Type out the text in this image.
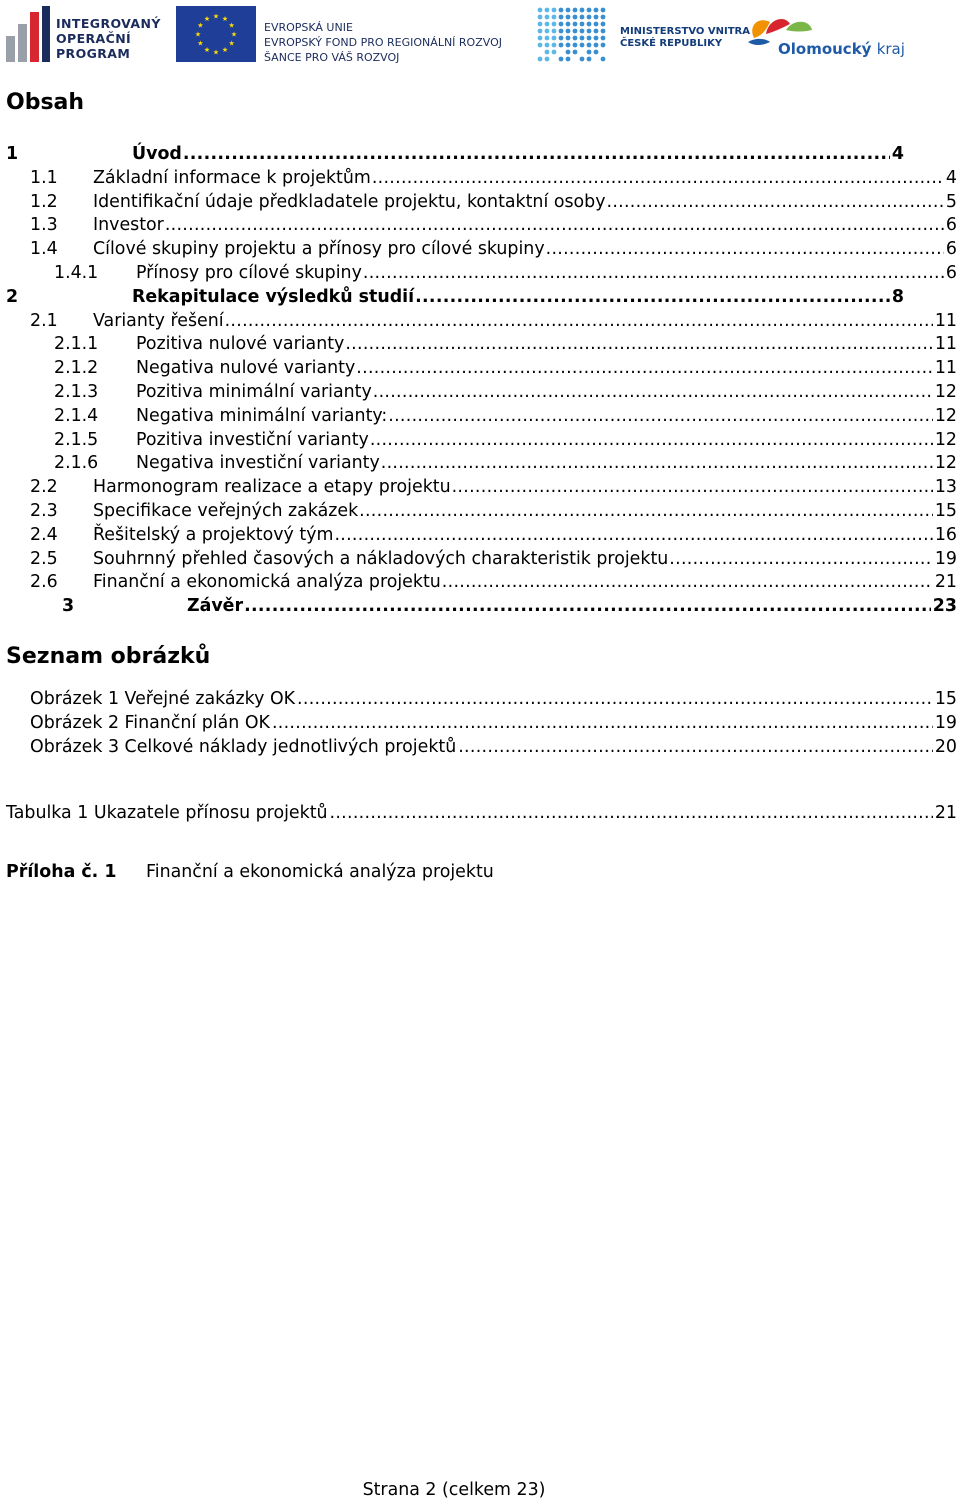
INTEGROVANÝ
OPERAČNÍ
PROGRAM
★ ★
★
★
★
★
★
★
★
★
★
★
EVROPSKÁ UNIE
EVROPSKÝ FOND PRO REGIONÁLNÍ ROZVOJ
ŠANCE PRO VÁŠ ROZVOJ
MINISTERSTVO VNITRA
ČESKÉ REPUBLIKY	Olomoucký kraj
Obsah
1	Úvod .....	4
1.1 Základní informace k projektům .....	4
1.2 Identifikační údaje předkladatele projektu, kontaktní osoby .....	5
1.3 Investor .....	6
1.4 Cílové skupiny projektu a přínosy pro cílové skupiny .....	6
1.4.1 Přínosy pro cílové skupiny .....	6
2	Rekapitulace výsledků studií .....	8
2.1 Varianty řešení .....	11
2.1.1 Pozitiva nulové varianty .....	11
2.1.2 Negativa nulové varianty .....	11
2.1.3 Pozitiva minimální varianty .....	12
2.1.4 Negativa minimální varianty: .....	12
2.1.5 Pozitiva investiční varianty .....	12
2.1.6 Negativa investiční varianty .....	12
2.2 Harmonogram realizace a etapy projektu .....	13
2.3 Specifikace veřejných zakázek .....	15
2.4 Řešitelský a projektový tým .....	16
2.5 Souhrnný přehled časových a nákladových charakteristik projektu .....	19
2.6 Finanční a ekonomická analýza projektu .....	21
3	Závěr .....	23
Seznam obrázků
Obrázek 1 Veřejné zakázky OK .....	15
Obrázek 2 Finanční plán OK .....	19
Obrázek 3 Celkové náklady jednotlivých projektů .....	20
Tabulka 1 Ukazatele přínosu projektů .....	21
Příloha č. 1 Finanční a ekonomická analýza projektu
Strana 2 (celkem 23)
